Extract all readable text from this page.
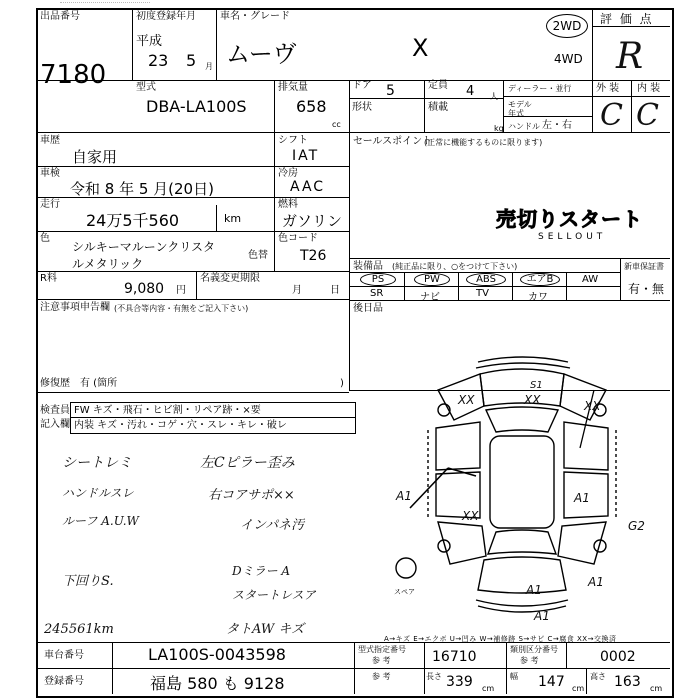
出品番号
7180
初度登録年月
平成
23 5 月
車名・グレード
ムーヴ	X
2WD
4WD
評 価 点
R
外 装 内 装
C C
型式
DBA-LA100S
排気量
658
cc
ドア 5
形状
定員 4 人
積載
kg
ディーラー・並行
モデル年式
ハンドル 左・右
車歴
自家用
シフト
IAT
車検
令和 8 年 5 月(20日)
冷房
AAC
走行
24万5千560	km
燃料
ガソリン
色
シルキーマルーンクリスタ
ルメタリック
色替
色コード
T26
R料
9,080 円
名義変更期限
月	日
注意事項申告欄 (不具合等内容・有無をご記入下さい)
修復歴 有 (箇所	)
セールスポイント
(正常に機能するものに限ります)
売切りスタート
SELLOUT
装備品 (純正品に限り、○をつけて下さい)	新車保証書
有・無
PS	PW	ABS	エアB	AW
SR	ナビ	TV	カワ
後日品
検査員
記入欄
FW キズ・飛石・ヒビ割・リペア跡・×要
内装 キズ・汚れ・コゲ・穴・スレ・キレ・破レ
シートレミ
ハンドルスレ
ルーフ A.U.W
下回りS.
245561km
左Cピラー歪み
右コアサポ××
インパネ汚
Dミラー A
スタートレスア
タトAW キズ
XX	XX	XX
A1	A1
A1
A1
G2
XX
A1
S1
スペア
A→キズ E→エクボ U→凹み W→補修跡 S→サビ C→腐食 XX→交換済
車台番号	LA100S-0043598
登録番号	福島 580 も 9128
型式指定番号
参 考	16710	類別区分番号
参 考	0002
参 考	長さ 339 cm
幅 147 cm
高さ 163 cm
